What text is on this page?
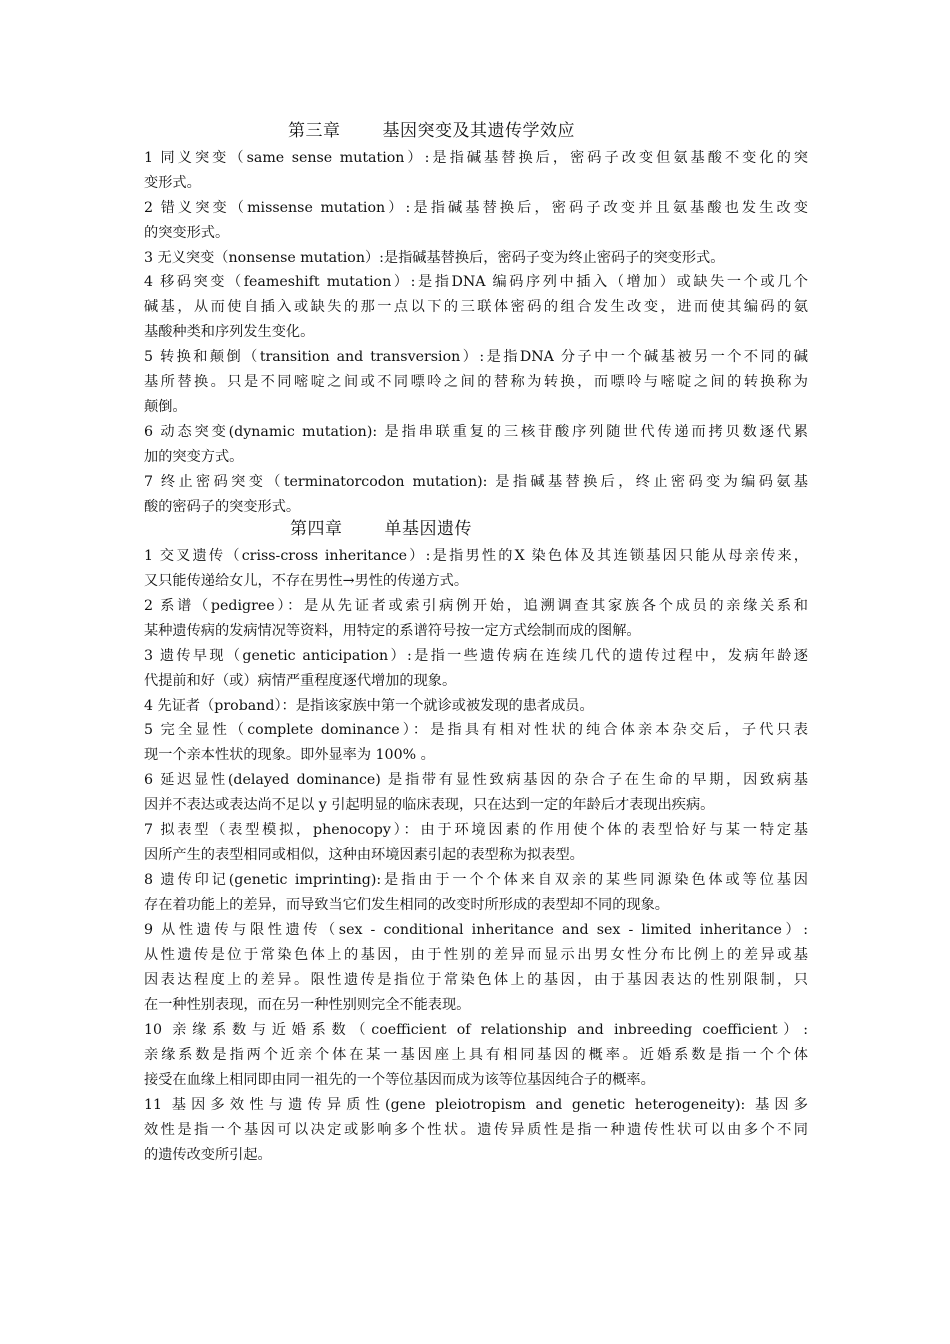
第三章 基因突变及其遗传学效应
1 同义突变（same sense mutation）:是指碱基替换后，密码子改变但氨基酸不变化的突
变形式。
2 错义突变（missense mutation）:是指碱基替换后，密码子改变并且氨基酸也发生改变
的突变形式。
3 无义突变（nonsense mutation）:是指碱基替换后，密码子变为终止密码子的突变形式。
4 移码突变（feameshift mutation）:是指DNA 编码序列中插入（增加）或缺失一个或几个
碱基，从而使自插入或缺失的那一点以下的三联体密码的组合发生改变，进而使其编码的氨
基酸种类和序列发生变化。
5 转换和颠倒（transition and transversion）:是指DNA 分子中一个碱基被另一个不同的碱
基所替换。只是不同嘧啶之间或不同嘌呤之间的替称为转换，而嘌呤与嘧啶之间的转换称为
颠倒。
6 动态突变(dynamic mutation): 是指串联重复的三核苷酸序列随世代传递而拷贝数逐代累
加的突变方式。
7 终止密码突变（terminatorcodon mutation): 是指碱基替换后，终止密码变为编码氨基
酸的密码子的突变形式。
第四章 单基因遗传
1 交叉遗传（criss-cross inheritance）:是指男性的X 染色体及其连锁基因只能从母亲传来，
又只能传递给女儿，不存在男性→男性的传递方式。
2 系谱（pedigree）：是从先证者或索引病例开始，追溯调查其家族各个成员的亲缘关系和
某种遗传病的发病情况等资料，用特定的系谱符号按一定方式绘制而成的图解。
3 遗传早现（genetic anticipation）:是指一些遗传病在连续几代的遗传过程中，发病年龄逐
代提前和好（或）病情严重程度逐代增加的现象。
4 先证者（proband）：是指该家族中第一个就诊或被发现的患者成员。
5 完全显性（complete dominance）：是指具有相对性状的纯合体亲本杂交后，子代只表
现一个亲本性状的现象。即外显率为 100% 。
6 延迟显性(delayed dominance) 是指带有显性致病基因的杂合子在生命的早期，因致病基
因并不表达或表达尚不足以 y 引起明显的临床表现，只在达到一定的年龄后才表现出疾病。
7 拟表型（表型模拟，phenocopy）：由于环境因素的作用使个体的表型恰好与某一特定基
因所产生的表型相同或相似，这种由环境因素引起的表型称为拟表型。
8 遗传印记(genetic imprinting):是指由于一个个体来自双亲的某些同源染色体或等位基因
存在着功能上的差异，而导致当它们发生相同的改变时所形成的表型却不同的现象。
9 从性遗传与限性遗传（sex - conditional inheritance and sex - limited inheritance）:
从性遗传是位于常染色体上的基因，由于性别的差异而显示出男女性分布比例上的差异或基
因表达程度上的差异。限性遗传是指位于常染色体上的基因，由于基因表达的性别限制，只
在一种性别表现，而在另一种性别则完全不能表现。
10 亲缘系数与近婚系数（coefficient of relationship and inbreeding coefficient）:
亲缘系数是指两个近亲个体在某一基因座上具有相同基因的概率。近婚系数是指一个个体
接受在血缘上相同即由同一祖先的一个等位基因而成为该等位基因纯合子的概率。
11 基因多效性与遗传异质性(gene pleiotropism and genetic heterogeneity): 基因多
效性是指一个基因可以决定或影响多个性状。遗传异质性是指一种遗传性状可以由多个不同
的遗传改变所引起。
